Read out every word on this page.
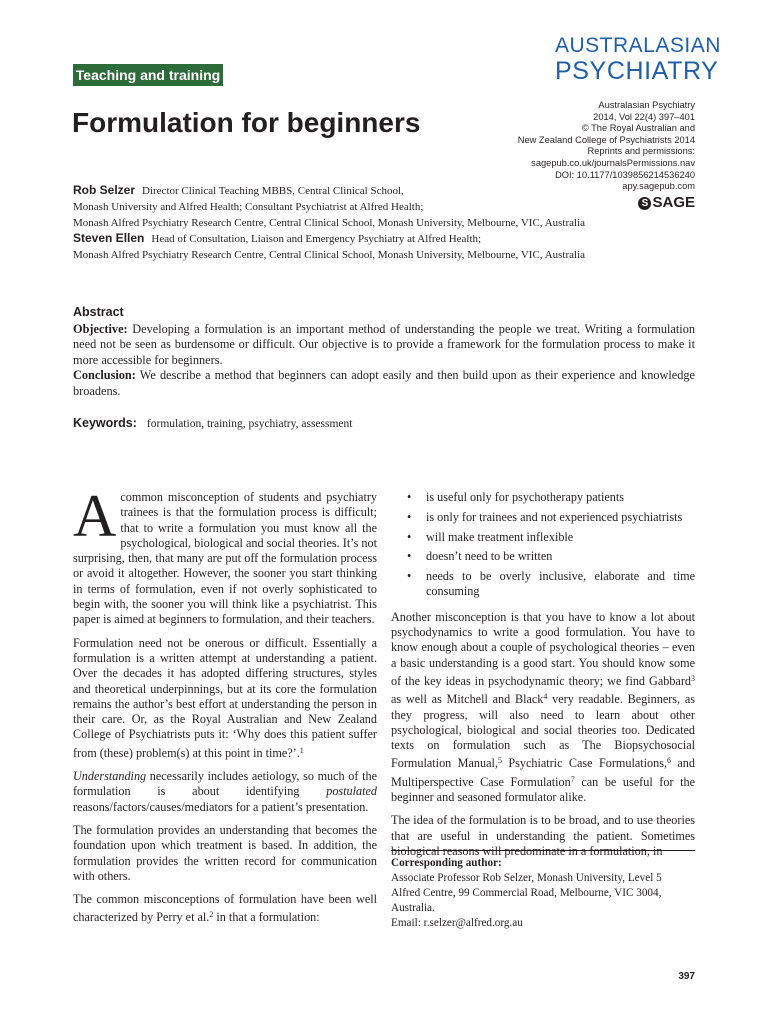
AUSTRALASIAN
PSYCHIATRY
Teaching and training
Formulation for beginners
Australasian Psychiatry
2014, Vol 22(4) 397–401
© The Royal Australian and
New Zealand College of Psychiatrists 2014
Reprints and permissions:
sagepub.co.uk/journalsPermissions.nav
DOI: 10.1177/1039856214536240
apy.sagepub.com
S SAGE
Rob Selzer Director Clinical Teaching MBBS, Central Clinical School,
Monash University and Alfred Health; Consultant Psychiatrist at Alfred Health;
Monash Alfred Psychiatry Research Centre, Central Clinical School, Monash University, Melbourne, VIC, Australia
Steven Ellen Head of Consultation, Liaison and Emergency Psychiatry at Alfred Health;
Monash Alfred Psychiatry Research Centre, Central Clinical School, Monash University, Melbourne, VIC, Australia
Abstract

Objective: Developing a formulation is an important method of understanding the people we treat. Writing a formulation need not be seen as burdensome or difficult. Our objective is to provide a framework for the formulation process to make it more accessible for beginners.

Conclusion: We describe a method that beginners can adopt easily and then build upon as their experience and knowledge broadens.

Keywords: formulation, training, psychiatry, assessment

Acommon misconception of students and psychiatry trainees is that the formulation process is difficult; that to write a formulation you must know all the psychological, biological and social theories. It’s not surprising, then, that many are put off the formulation process or avoid it altogether. However, the sooner you start thinking in terms of formulation, even if not overly sophisticated to begin with, the sooner you will think like a psychiatrist. This paper is aimed at beginners to formulation, and their teachers.

Formulation need not be onerous or difficult. Essentially a formulation is a written attempt at understanding a patient. Over the decades it has adopted differing structures, styles and theoretical underpinnings, but at its core the formulation remains the author’s best effort at understanding the person in their care. Or, as the Royal Australian and New Zealand College of Psychiatrists puts it: ‘Why does this patient suffer from (these) problem(s) at this point in time?’.$^1$

Understanding necessarily includes aetiology, so much of the formulation is about identifying postulated reasons/factors/causes/mediators for a patient’s presentation.

The formulation provides an understanding that becomes the foundation upon which treatment is based. In addition, the formulation provides the written record for communication with others.

The common misconceptions of formulation have been well characterized by Perry et al.$^2$ in that a formulation:

• is useful only for psychotherapy patients
• is only for trainees and not experienced psychiatrists
• will make treatment inflexible
• doesn’t need to be written
• needs to be overly inclusive, elaborate and time consuming

Another misconception is that you have to know a lot about psychodynamics to write a good formulation. You have to know enough about a couple of psychological theories – even a basic understanding is a good start. You should know some of the key ideas in psychodynamic theory; we find Gabbard$^3$ as well as Mitchell and Black$^4$ very readable. Beginners, as they progress, will also need to learn about other psychological, biological and social theories too. Dedicated texts on formulation such as The Biopsychosocial Formulation Manual,$^5$ Psychiatric Case Formulations,$^6$ and Multiperspective Case Formulation$^7$ can be useful for the beginner and seasoned formulator alike.

The idea of the formulation is to be broad, and to use theories that are useful in understanding the patient. Sometimes biological reasons will predominate in a formulation, in

Corresponding author:
Associate Professor Rob Selzer, Monash University, Level 5
Alfred Centre, 99 Commercial Road, Melbourne, VIC 3004,
Australia.
Email: r.selzer@alfred.org.au
397
